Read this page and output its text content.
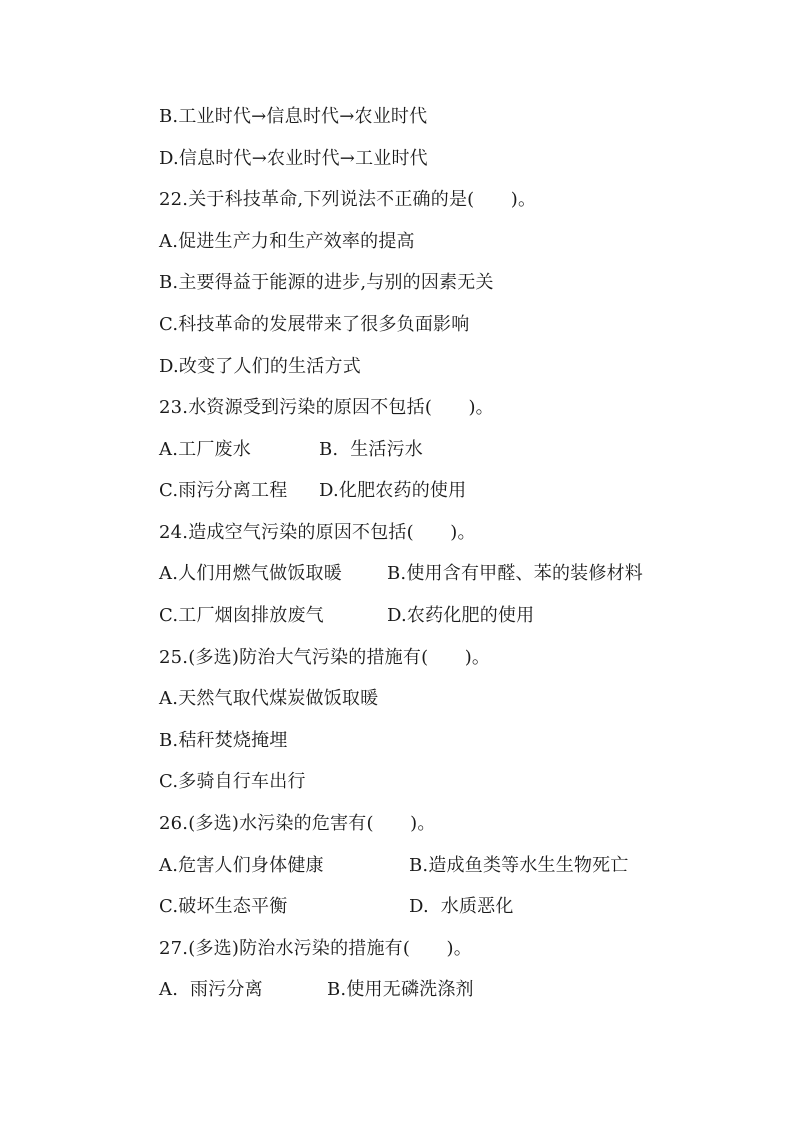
B.工业时代→信息时代→农业时代
D.信息时代→农业时代→工业时代
22.关于科技革命,下列说法不正确的是(　　)。
A.促进生产力和生产效率的提高
B.主要得益于能源的进步,与别的因素无关
C.科技革命的发展带来了很多负面影响
D.改变了人们的生活方式
23.水资源受到污染的原因不包括(　　)。

A.工厂废水

	B.  生活污水

C.雨污分离工程

D.化肥农药的使用

24.造成空气污染的原因不包括(　　)。

A.人们用燃气做饭取暖

	B.使用含有甲醛、苯的装修材料

C.工厂烟囱排放废气

	D.农药化肥的使用

25.(多选)防治大气污染的措施有(　　)。
A.天然气取代煤炭做饭取暖
B.秸秆焚烧掩埋
C.多骑自行车出行
26.(多选)水污染的危害有(　　)。

A.危害人们身体健康

	B.造成鱼类等水生生物死亡

C.破坏生态平衡

	D.  水质恶化

27.(多选)防治水污染的措施有(　　)。

A.  雨污分离

	B.使用无磷洗涤剂
